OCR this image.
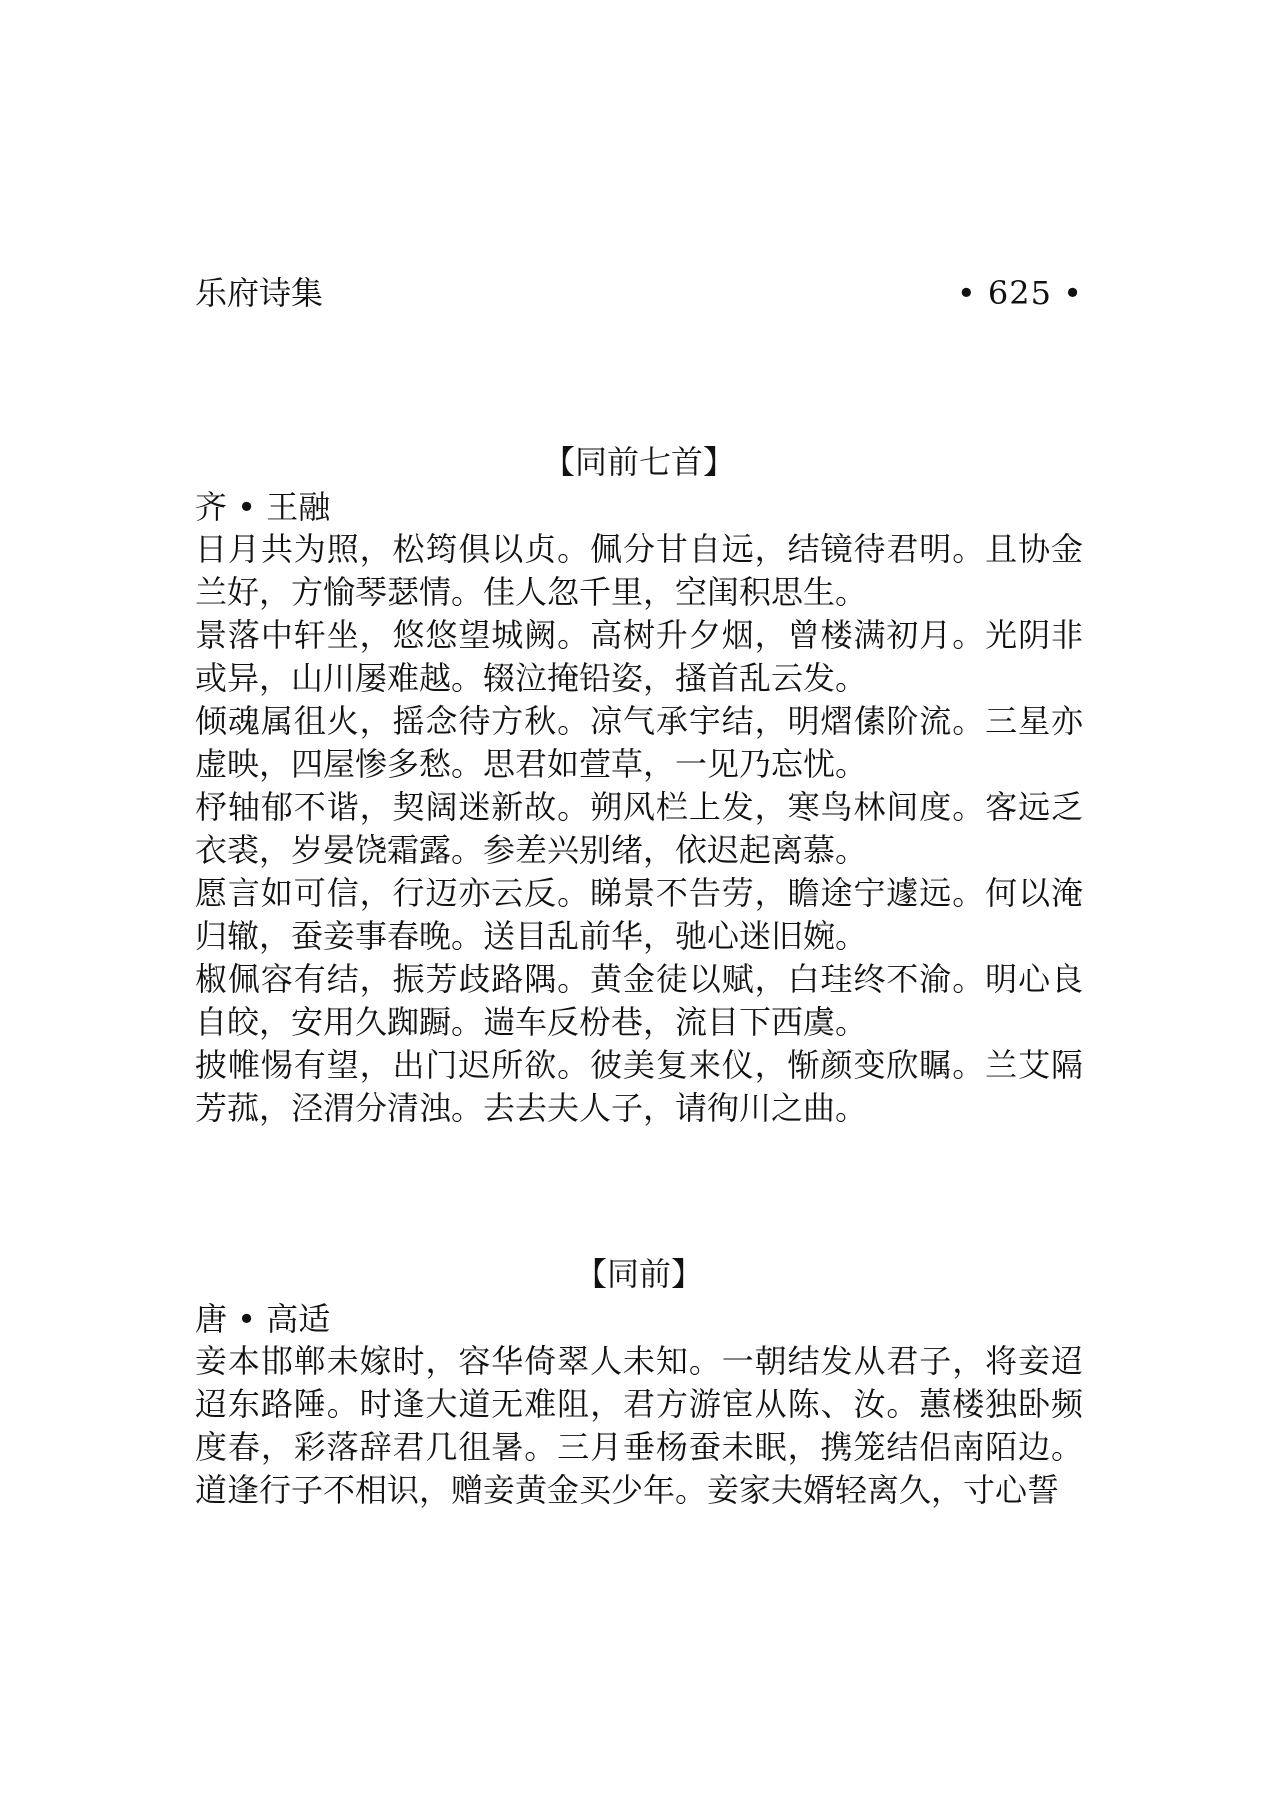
乐府诗集	• 625 •
【同前七首】
齐 • 王融

日月共为照，松筠俱以贞。佩分甘自远，结镜待君明。且协金兰好，方愉琴瑟情。佳人忽千里，空闺积思生。

景落中轩坐，悠悠望城阙。高树升夕烟，曾楼满初月。光阴非或异，山川屡难越。辍泣掩铅姿，搔首乱云发。

倾魂属徂火，摇念待方秋。凉气承宇结，明熠傃阶流。三星亦虚映，四屋惨多愁。思君如萱草，一见乃忘忧。

杼轴郁不谐，契阔迷新故。朔风栏上发，寒鸟林间度。客远乏衣裘，岁晏饶霜露。参差兴别绪，依迟起离慕。

愿言如可信，行迈亦云反。睇景不告劳，瞻途宁遽远。何以淹归辙，蚕妾事春晚。送目乱前华，驰心迷旧婉。

椒佩容有结，振芳歧路隅。黄金徒以赋，白珪终不渝。明心良自皎，安用久踟蹰。遄车反枌巷，流目下西虞。

披帷惕有望，出门迟所欲。彼美复来仪，惭颜变欣瞩。兰艾隔芳菰，泾渭分清浊。去去夫人子，请徇川之曲。

【同前】
唐 • 高适

妾本邯郸未嫁时，容华倚翠人未知。一朝结发从君子，将妾迢迢东路陲。时逢大道无难阻，君方游宦从陈、汝。蕙楼独卧频度春，彩落辞君几徂暑。三月垂杨蚕未眠，携笼结侣南陌边。道逢行子不相识，赠妾黄金买少年。妾家夫婿轻离久，寸心誓
